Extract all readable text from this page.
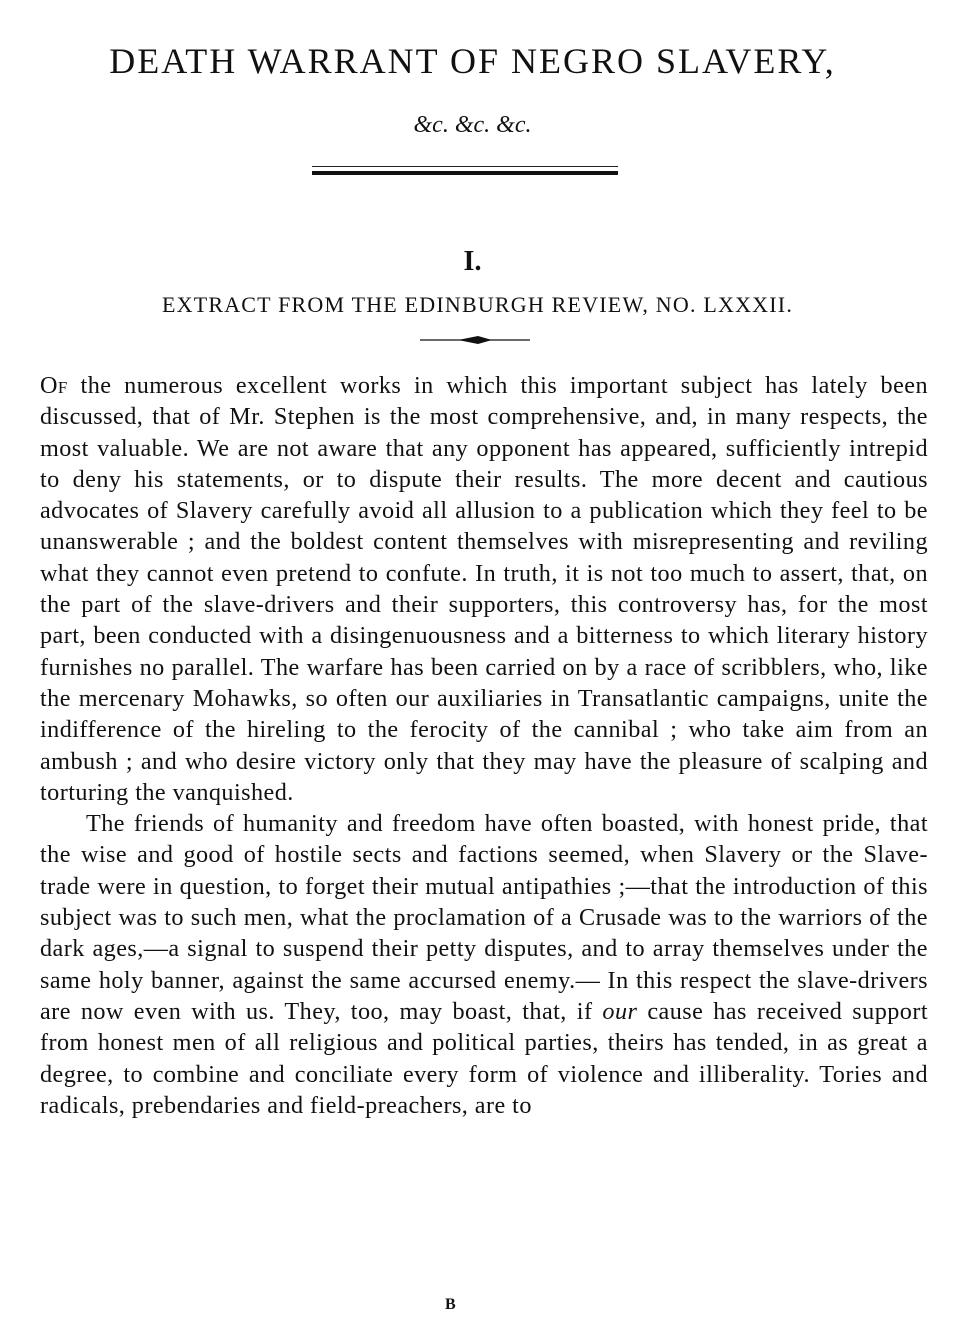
DEATH WARRANT OF NEGRO SLAVERY,
&c. &c. &c.
I.
EXTRACT FROM THE EDINBURGH REVIEW, NO. LXXXII.

Of the numerous excellent works in which this important subject has lately been discussed, that of Mr. Stephen is the most comprehensive, and, in many respects, the most valuable. We are not aware that any opponent has appeared, sufficiently intrepid to deny his statements, or to dispute their results. The more decent and cautious advocates of Slavery carefully avoid all allusion to a publication which they feel to be unanswerable ; and the boldest content themselves with misrepresenting and reviling what they cannot even pretend to confute. In truth, it is not too much to assert, that, on the part of the slave-drivers and their supporters, this controversy has, for the most part, been conducted with a disingenuousness and a bitterness to which literary history furnishes no parallel. The warfare has been carried on by a race of scribblers, who, like the mercenary Mohawks, so often our auxiliaries in Transatlantic campaigns, unite the indifference of the hireling to the ferocity of the cannibal ; who take aim from an ambush ; and who desire victory only that they may have the pleasure of scalping and torturing the vanquished.

The friends of humanity and freedom have often boasted, with honest pride, that the wise and good of hostile sects and factions seemed, when Slavery or the Slave-trade were in question, to forget their mutual antipathies ;—that the introduction of this subject was to such men, what the proclamation of a Crusade was to the warriors of the dark ages,—a signal to suspend their petty disputes, and to array themselves under the same holy banner, against the same accursed enemy.— In this respect the slave-drivers are now even with us. They, too, may boast, that, if our cause has received support from honest men of all religious and political parties, theirs has tended, in as great a degree, to combine and conciliate every form of violence and illiberality. Tories and radicals, prebendaries and field-preachers, are to

B
